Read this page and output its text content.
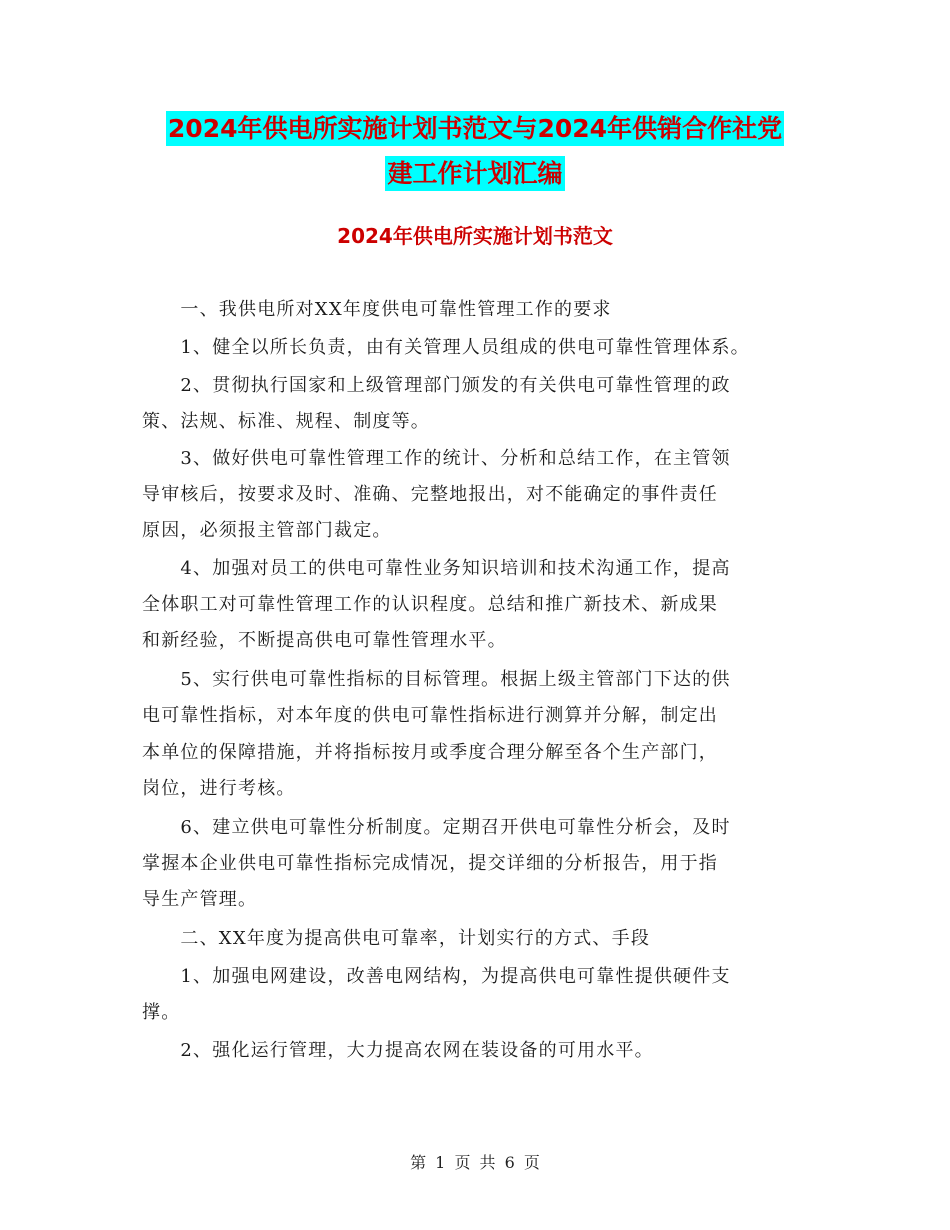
2024年供电所实施计划书范文与2024年供销合作社党
建工作计划汇编
2024年供电所实施计划书范文
　　一、我供电所对XX年度供电可靠性管理工作的要求
　　1、健全以所长负责，由有关管理人员组成的供电可靠性管理体系。
　　2、贯彻执行国家和上级管理部门颁发的有关供电可靠性管理的政
策、法规、标准、规程、制度等。
　　3、做好供电可靠性管理工作的统计、分析和总结工作，在主管领
导审核后，按要求及时、准确、完整地报出，对不能确定的事件责任
原因，必须报主管部门裁定。
　　4、加强对员工的供电可靠性业务知识培训和技术沟通工作，提高
全体职工对可靠性管理工作的认识程度。总结和推广新技术、新成果
和新经验，不断提高供电可靠性管理水平。
　　5、实行供电可靠性指标的目标管理。根据上级主管部门下达的供
电可靠性指标，对本年度的供电可靠性指标进行测算并分解，制定出
本单位的保障措施，并将指标按月或季度合理分解至各个生产部门，
岗位，进行考核。
　　6、建立供电可靠性分析制度。定期召开供电可靠性分析会，及时
掌握本企业供电可靠性指标完成情况，提交详细的分析报告，用于指
导生产管理。
　　二、XX年度为提高供电可靠率，计划实行的方式、手段
　　1、加强电网建设，改善电网结构，为提高供电可靠性提供硬件支
撑。
　　2、强化运行管理，大力提高农网在装设备的可用水平。
第 1 页 共 6 页
